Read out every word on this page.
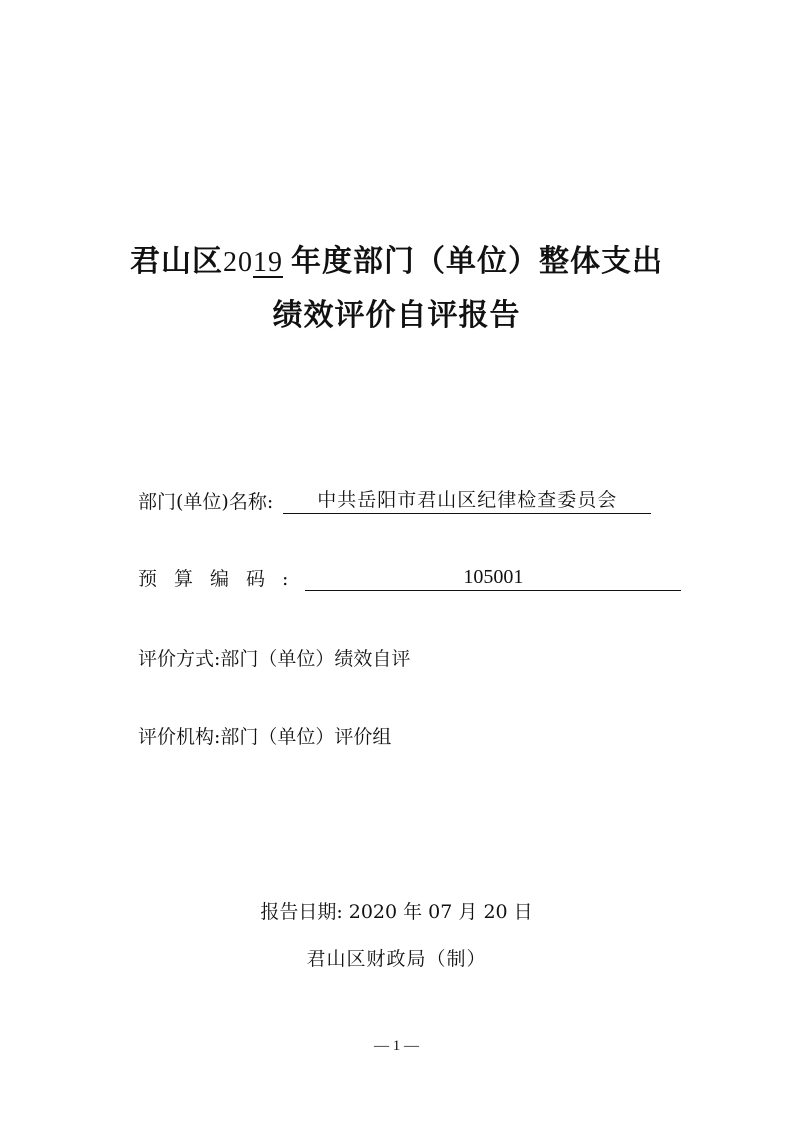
君山区2019 年度部门（单位）整体支出
绩效评价自评报告
部门(单位)名称:	中共岳阳市君山区纪律检查委员会
预算编码:	105001
评价方式: 部门（单位）绩效自评
评价机构: 部门（单位）评价组
报告日期: 2020 年 07 月 20 日
君山区财政局（制）
— 1 —
